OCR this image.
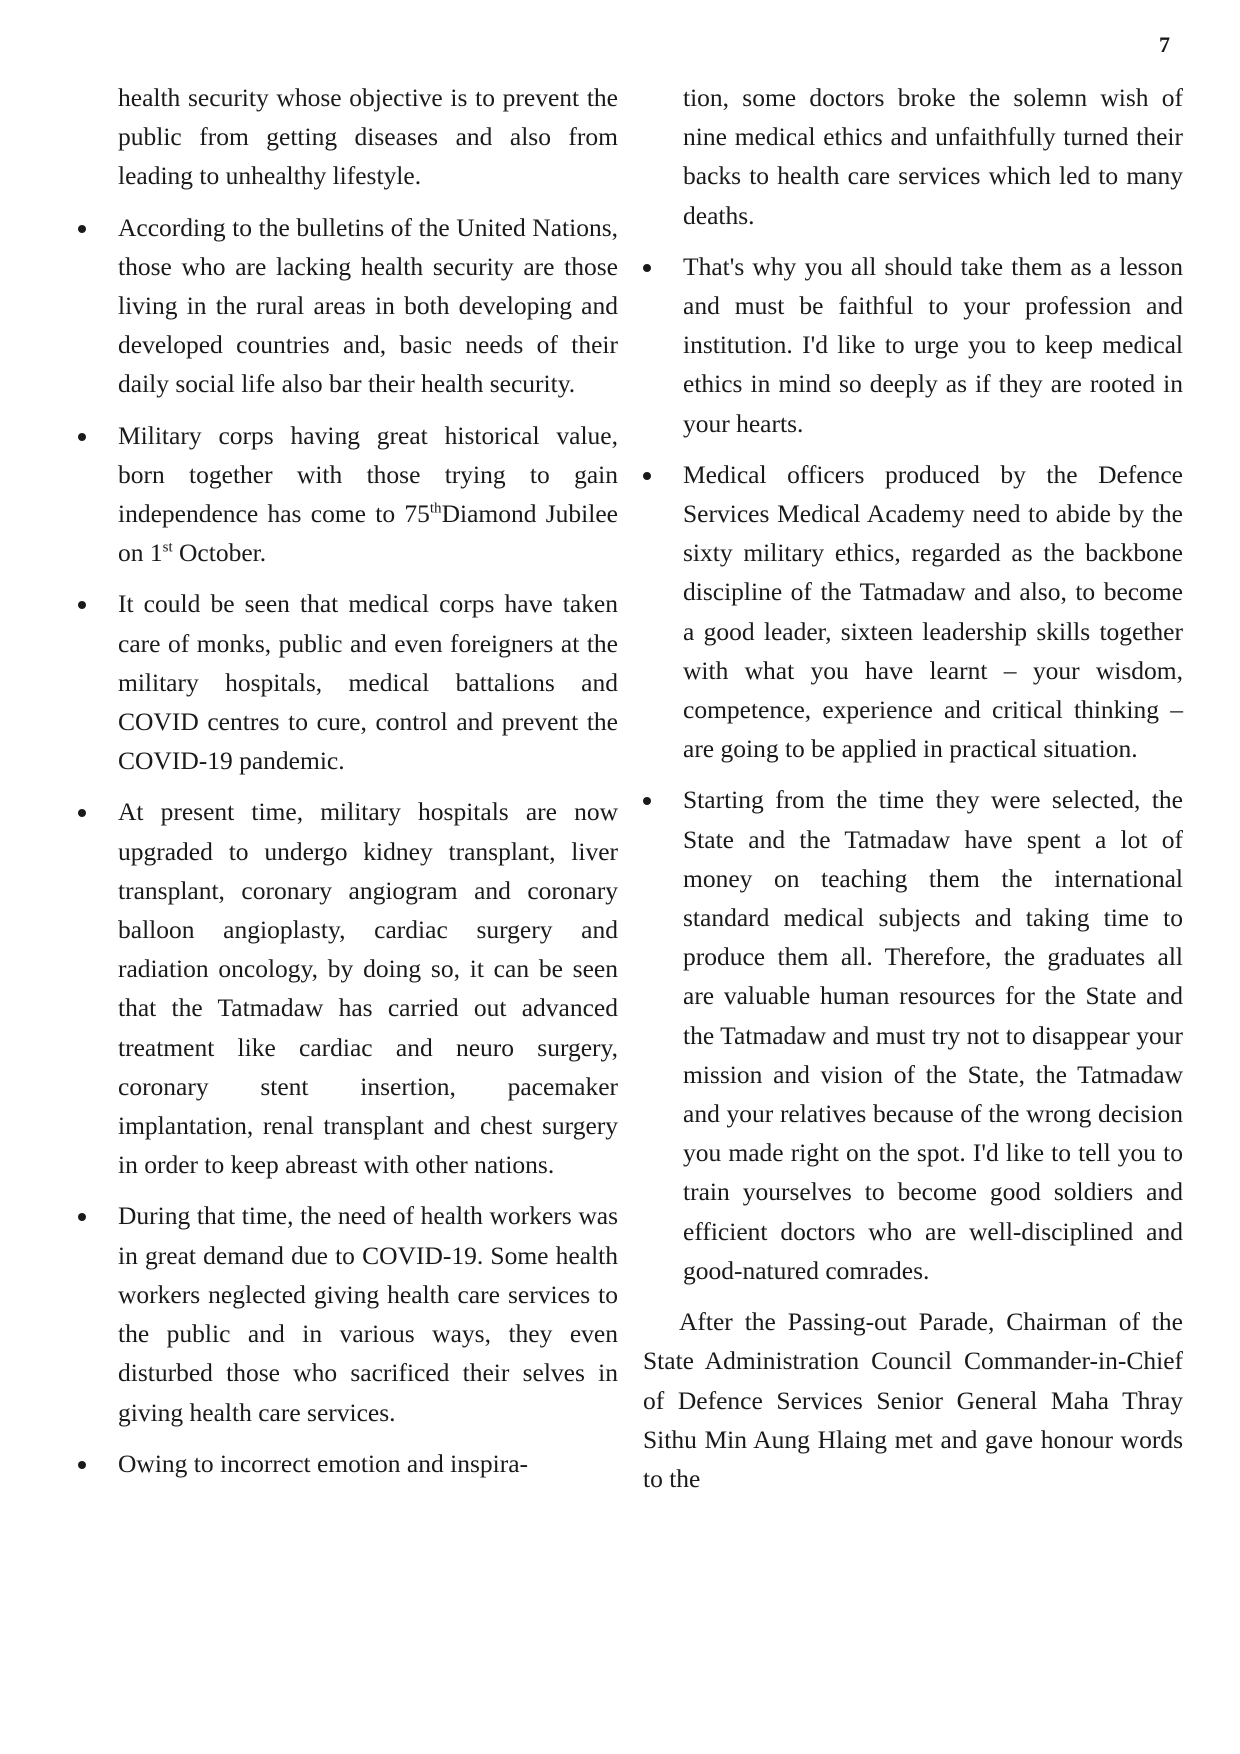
7

health security whose objective is to prevent the public from getting diseases and also from leading to unhealthy lifestyle.

According to the bulletins of the United Nations, those who are lacking health security are those living in the rural areas in both developing and developed countries and, basic needs of their daily social life also bar their health security.
Military corps having great historical value, born together with those trying to gain independence has come to 75thDiamond Jubilee on 1st October.
It could be seen that medical corps have taken care of monks, public and even foreigners at the military hospitals, medical battalions and COVID centres to cure, control and prevent the COVID-19 pandemic.
At present time, military hospitals are now upgraded to undergo kidney transplant, liver transplant, coronary angiogram and coronary balloon angioplasty, cardiac surgery and radiation oncology, by doing so, it can be seen that the Tatmadaw has carried out advanced treatment like cardiac and neuro surgery, coronary stent insertion, pacemaker implantation, renal transplant and chest surgery in order to keep abreast with other nations.
During that time, the need of health workers was in great demand due to COVID-19. Some health workers neglected giving health care services to the public and in various ways, they even disturbed those who sacrificed their selves in giving health care services.
Owing to incorrect emotion and inspira-

tion, some doctors broke the solemn wish of nine medical ethics and unfaithfully turned their backs to health care services which led to many deaths.

That's why you all should take them as a lesson and must be faithful to your profession and institution. I'd like to urge you to keep medical ethics in mind so deeply as if they are rooted in your hearts.
Medical officers produced by the Defence Services Medical Academy need to abide by the sixty military ethics, regarded as the backbone discipline of the Tatmadaw and also, to become a good leader, sixteen leadership skills together with what you have learnt – your wisdom, competence, experience and critical thinking – are going to be applied in practical situation.
Starting from the time they were selected, the State and the Tatmadaw have spent a lot of money on teaching them the international standard medical subjects and taking time to produce them all. Therefore, the graduates all are valuable human resources for the State and the Tatmadaw and must try not to disappear your mission and vision of the State, the Tatmadaw and your relatives because of the wrong decision you made right on the spot. I'd like to tell you to train yourselves to become good soldiers and efficient doctors who are well-disciplined and good-natured comrades.

After the Passing-out Parade, Chairman of the State Administration Council Commander-in-Chief of Defence Services Senior General Maha Thray Sithu Min Aung Hlaing met and gave honour words to the
